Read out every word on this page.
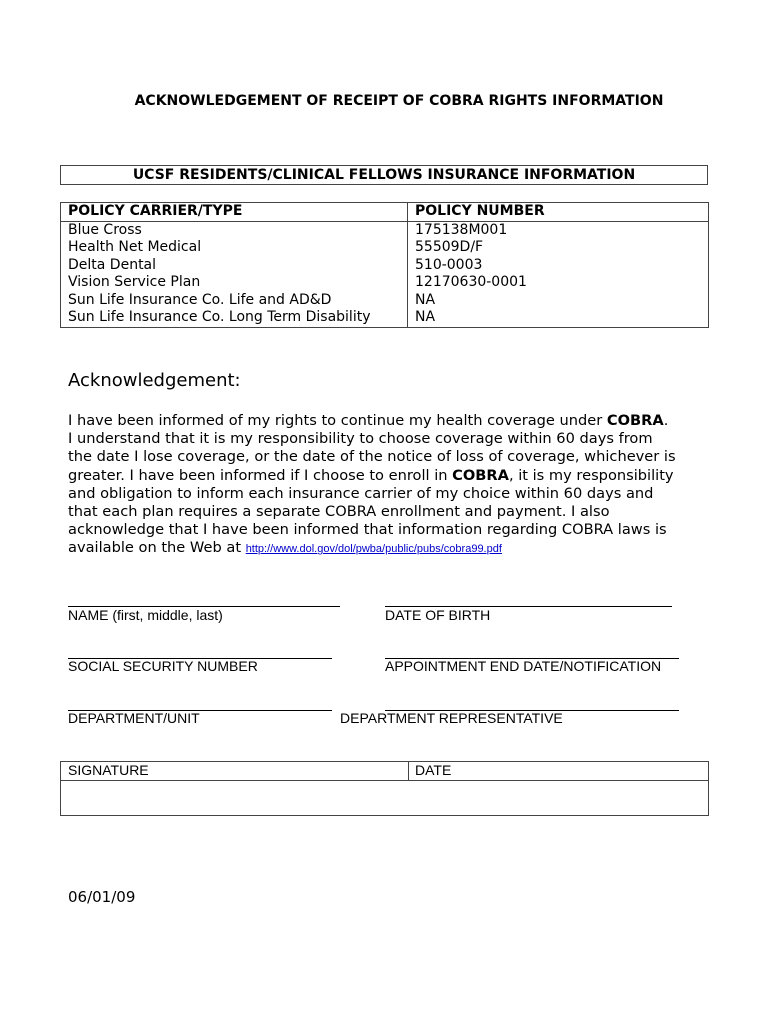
ACKNOWLEDGEMENT OF RECEIPT OF COBRA RIGHTS INFORMATION
UCSF RESIDENTS/CLINICAL FELLOWS INSURANCE INFORMATION
POLICY CARRIER/TYPE	POLICY NUMBER
Blue Cross	175138M001
Health Net Medical	55509D/F
Delta Dental	510-0003
Vision Service Plan	12170630-0001
Sun Life Insurance Co. Life and AD&D	NA
Sun Life Insurance Co. Long Term Disability	NA
Acknowledgement:
I have been informed of my rights to continue my health coverage under COBRA.
I understand that it is my responsibility to choose coverage within 60 days from
the date I lose coverage, or the date of the notice of loss of coverage, whichever is
greater. I have been informed if I choose to enroll in COBRA, it is my responsibility
and obligation to inform each insurance carrier of my choice within 60 days and
that each plan requires a separate COBRA enrollment and payment. I also
acknowledge that I have been informed that information regarding COBRA laws is
available on the Web at http://www.dol.gov/dol/pwba/public/pubs/cobra99.pdf
NAME (first, middle, last)	DATE OF BIRTH
SOCIAL SECURITY NUMBER	APPOINTMENT END DATE/NOTIFICATION
DEPARTMENT/UNIT	DEPARTMENT REPRESENTATIVE
SIGNATURE	DATE
06/01/09
